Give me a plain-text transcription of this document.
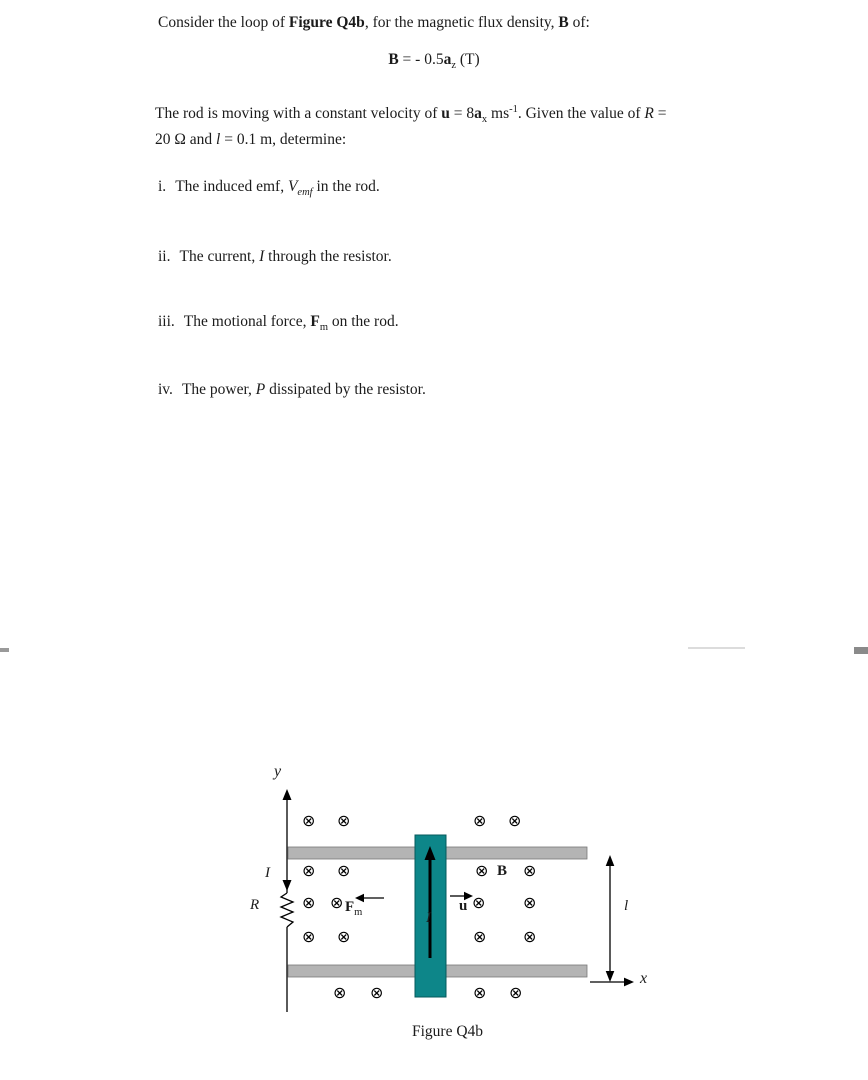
Consider the loop of Figure Q4b, for the magnetic flux density, B of:
B = - $0.5a_z$ (T)
The rod is moving with a constant velocity of $u = 8a_x$ $ms^{-1}$. Given the value of R =
20 Ω and l = 0.1 m, determine:
i. The induced emf, $V_{emf}$ in the rod.
ii. The current, I through the resistor.
iii. The motional force, $F_m$ on the rod.
iv. The power, P dissipated by the resistor.
⊗ ⊗	⊗ ⊗
⊗ ⊗	⊗ ⊗
⊗ ⊗	⊗ ⊗
⊗ ⊗	⊗ ⊗
⊗ ⊗	⊗ ⊗
y
x
I
R
B
u
$F_m$	I
l
Figure Q4b
